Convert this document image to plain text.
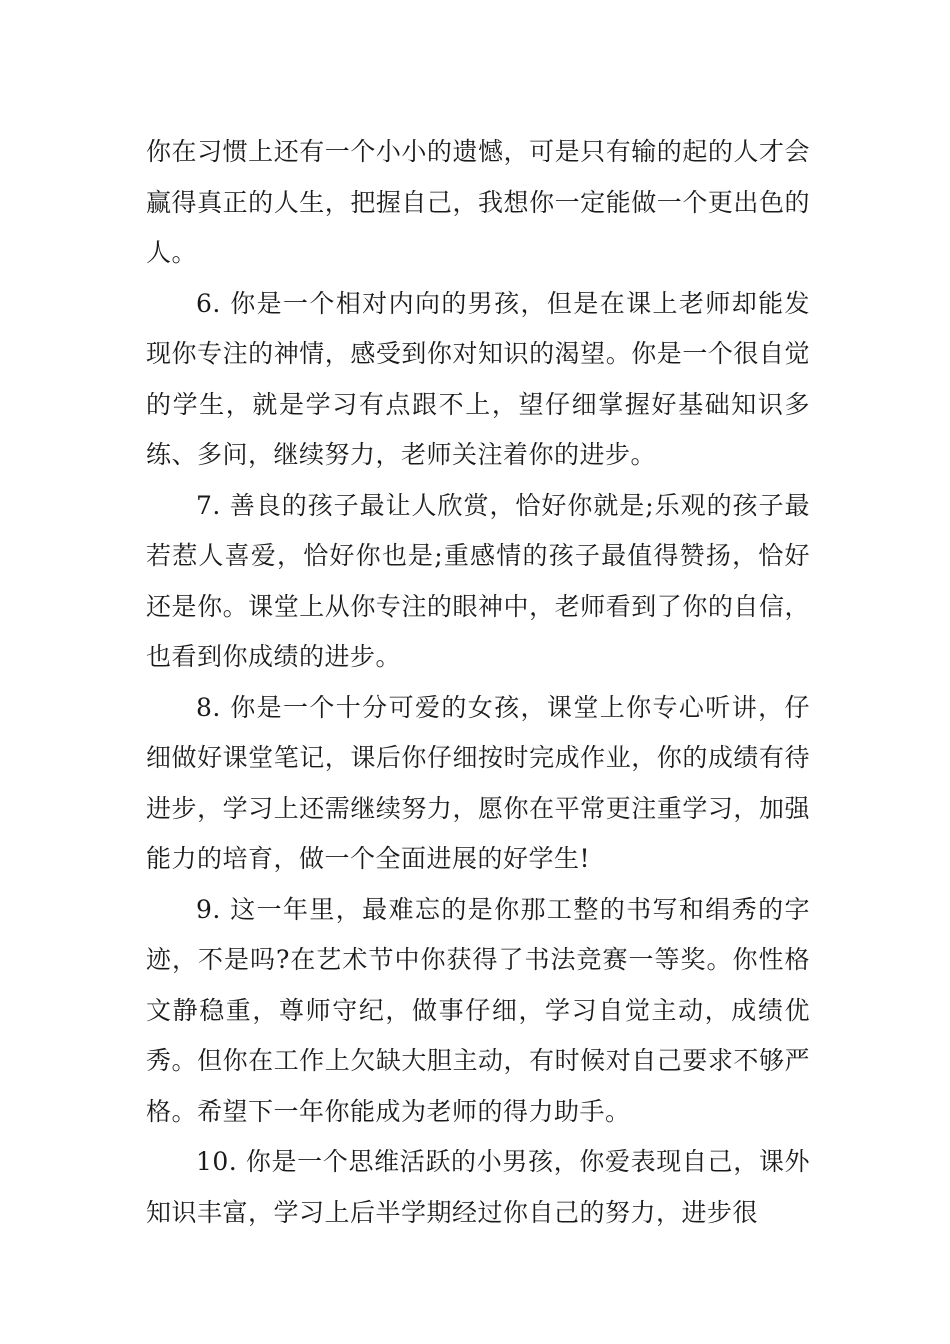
你在习惯上还有一个小小的遗憾，可是只有输的起的人才会赢得真正的人生，把握自己，我想你一定能做一个更出色的人。

6. 你是一个相对内向的男孩，但是在课上老师却能发现你专注的神情，感受到你对知识的渴望。你是一个很自觉的学生，就是学习有点跟不上，望仔细掌握好基础知识多练、多问，继续努力，老师关注着你的进步。

7. 善良的孩子最让人欣赏，恰好你就是;乐观的孩子最若惹人喜爱，恰好你也是;重感情的孩子最值得赞扬，恰好还是你。课堂上从你专注的眼神中，老师看到了你的自信，也看到你成绩的进步。

8. 你是一个十分可爱的女孩，课堂上你专心听讲，仔细做好课堂笔记，课后你仔细按时完成作业，你的成绩有待进步，学习上还需继续努力，愿你在平常更注重学习，加强能力的培育，做一个全面进展的好学生!

9. 这一年里，最难忘的是你那工整的书写和绢秀的字迹，不是吗?在艺术节中你获得了书法竞赛一等奖。你性格文静稳重，尊师守纪，做事仔细，学习自觉主动，成绩优秀。但你在工作上欠缺大胆主动，有时候对自己要求不够严格。希望下一年你能成为老师的得力助手。

10. 你是一个思维活跃的小男孩，你爱表现自己，课外知识丰富，学习上后半学期经过你自己的努力，进步很
